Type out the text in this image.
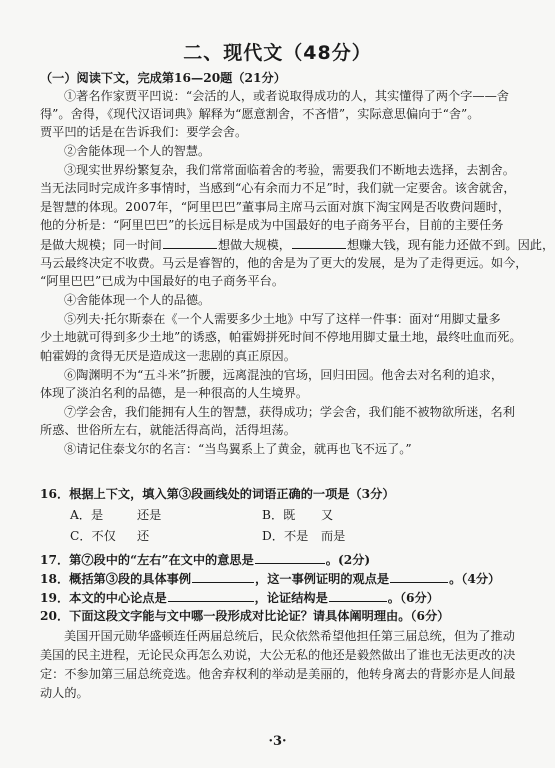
二、现代文（48分）
（一）阅读下文，完成第16—20题（21分）
①著名作家贾平凹说：“会活的人，或者说取得成功的人，其实懂得了两个字——舍
得”。舍得，《现代汉语词典》解释为“愿意割舍，不吝惜”，实际意思偏向于“舍”。
贾平凹的话是在告诉我们：要学会舍。
②舍能体现一个人的智慧。
③现实世界纷繁复杂，我们常常面临着舍的考验，需要我们不断地去选择，去割舍。
当无法同时完成许多事情时，当感到“心有余而力不足”时，我们就一定要舍。该舍就舍，
是智慧的体现。2007年，“阿里巴巴”董事局主席马云面对旗下淘宝网是否收费问题时，
他的分析是：“阿里巴巴”的长远目标是成为中国最好的电子商务平台，目前的主要任务
是做大规模；同一时间	想做大规模，	想赚大钱，现有能力还做不到。因此，
马云最终决定不收费。马云是睿智的，他的舍是为了更大的发展，是为了走得更远。如今，
“阿里巴巴”已成为中国最好的电子商务平台。
④舍能体现一个人的品德。
⑤列夫·托尔斯泰在《一个人需要多少土地》中写了这样一件事：面对“用脚丈量多
少土地就可得到多少土地”的诱惑，帕霍姆拼死时间不停地用脚丈量土地，最终吐血而死。
帕霍姆的贪得无厌是造成这一悲剧的真正原因。
⑥陶渊明不为“五斗米”折腰，远离混浊的官场，回归田园。他舍去对名利的追求，
体现了淡泊名利的品德，是一种很高的人生境界。
⑦学会舍，我们能拥有人生的智慧，获得成功；学会舍，我们能不被物欲所迷，名利
所惑、世俗所左右，就能活得高尚，活得坦荡。
⑧请记住泰戈尔的名言：“当鸟翼系上了黄金，就再也飞不远了。”
16．根据上下文，填入第③段画线处的词语正确的一项是（3分）
A．是	还是	B．既 又
C．不仅 还	D．不是 而是
17．第⑦段中的“左右”在文中的意思是	。(2分)
18．概括第③段的具体事例	，这一事例证明的观点是	。（4分）
19．本文的中心论点是	，论证结构是	。（6分）
20．下面这段文字能与文中哪一段形成对比论证？请具体阐明理由。（6分）
美国开国元勋华盛顿连任两届总统后，民众依然希望他担任第三届总统，但为了推动
美国的民主进程，无论民众再怎么劝说，大公无私的他还是毅然做出了谁也无法更改的决
定：不参加第三届总统竞选。他舍弃权利的举动是美丽的，他转身离去的背影亦是人间最
动人的。
·3·
